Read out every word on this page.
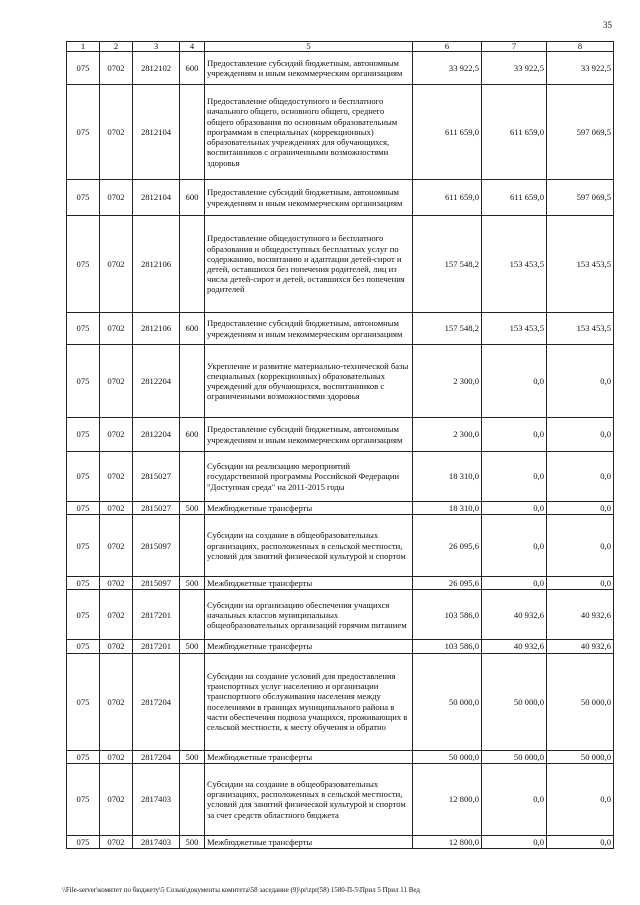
35
1	2	3	4	5	6	7	8
075	0702	2812102	600	Предоставление субсидий бюджетным, автономным учреждениям и иным некоммерческим организациям	33 922,5	33 922,5	33 922,5
075	0702	2812104		Предоставление общедоступного и бесплатного начального общего, основного общего, среднего общего образования по основным образовательным программам в специальных (коррекционных) образовательных учреждениях для обучающихся, воспитанников с ограниченными возможностями здоровья	611 659,0	611 659,0	597 069,5
075	0702	2812104	600	Предоставление субсидий бюджетным, автономным учреждениям и иным некоммерческим организациям	611 659,0	611 659,0	597 069,5
075	0702	2812106		Предоставление общедоступного и бесплатного образования и общедоступных бесплатных услуг по содержанию, воспитанию и адаптации детей-сирот и детей, оставшихся без попечения родителей, лиц из числа детей-сирот и детей, оставшихся без попечения родителей	157 548,2	153 453,5	153 453,5
075	0702	2812106	600	Предоставление субсидий бюджетным, автономным учреждениям и иным некоммерческим организациям	157 548,2	153 453,5	153 453,5
075	0702	2812204		Укрепление и развитие материально-технической базы специальных (коррекционных) образовательных учреждений для обучающихся, воспитанников с ограниченными возможностями здоровья	2 300,0	0,0	0,0
075	0702	2812204	600	Предоставление субсидий бюджетным, автономным учреждениям и иным некоммерческим организациям	2 300,0	0,0	0,0
075	0702	2815027		Субсидии на реализацию мероприятий государственной программы Российской Федерации "Доступная среда" на 2011-2015 годы	18 310,0	0,0	0,0
075	0702	2815027	500	Межбюджетные трансферты	18 310,0	0,0	0,0
075	0702	2815097		Субсидии на создание в общеобразовательных организациях, расположенных в сельской местности, условий для занятий физической культурой и спортом	26 095,6	0,0	0,0
075	0702	2815097	500	Межбюджетные трансферты	26 095,6	0,0	0,0
075	0702	2817201		Субсидии на организацию обеспечения учащихся начальных классов муниципальных общеобразовательных организаций горячим питанием	103 586,0	40 932,6	40 932,6
075	0702	2817201	500	Межбюджетные трансферты	103 586,0	40 932,6	40 932,6
075	0702	2817204		Субсидии на создание условий для предоставления транспортных услуг населению и организации транспортного обслуживания населения между поселениями в границах муниципального района в части обеспечения подвоза учащихся, проживающих в сельской местности, к месту обучения и обратно	50 000,0	50 000,0	50 000,0
075	0702	2817204	500	Межбюджетные трансферты	50 000,0	50 000,0	50 000,0
075	0702	2817403		Субсидии на создание в общеобразовательных организациях, расположенных в сельской местности, условий для занятий физической культурой и спортом за счет средств областного бюджета	12 800,0	0,0	0,0
075	0702	2817403	500	Межбюджетные трансферты	12 800,0	0,0	0,0
\\File-server\комитет по бюджету\5 Созыв\документы комитета\58 заседание (9)\pr\zpr(58) 1580-П-5\Прил 5 Прил 11 Вед
